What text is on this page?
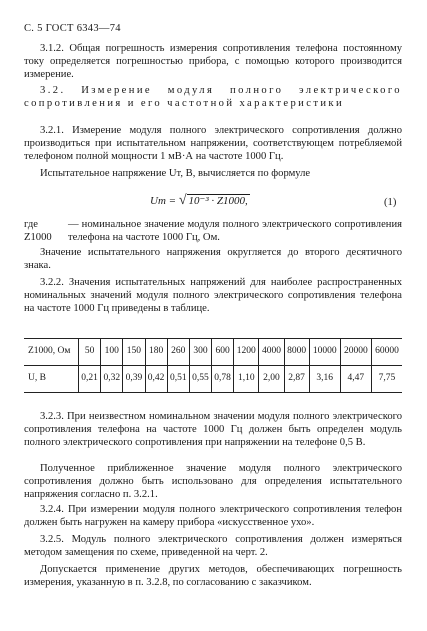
С. 5 ГОСТ 6343—74
3.1.2. Общая погрешность измерения сопротивления телефона постоянному току определяется погрешностью прибора, с помощью которого производится измерение.
3.2. Измерение модуля полного электрического сопротивления и его частотной характеристики
3.2.1. Измерение модуля полного электрического сопротивления должно производиться при испытательном напряжении, соответствующем потребляемой телефоном полной мощности 1 мВ·А на частоте 1000 Гц.
Испытательное напряжение Uт, В, вычисляется по формуле
Uт = √ 10⁻³ · Z1000,	(1)
где Z1000
— номинальное значение модуля полного электрического сопротивления телефона на частоте 1000 Гц, Ом.
Значение испытательного напряжения округляется до второго десятичного знака.
3.2.2. Значения испытательных напряжений для наиболее распространенных номинальных значений модуля полного электрического сопротивления телефона на частоте 1000 Гц приведены в таблице.
Z1000, Ом	50	100	150	180	260	300	600	1200	4000	8000	10000	20000	60000
U, В	0,21	0,32	0,39	0,42	0,51	0,55	0,78	1,10	2,00	2,87	3,16	4,47	7,75
3.2.3. При неизвестном номинальном значении модуля полного электрического сопротивления телефона на частоте 1000 Гц должен быть определен модуль полного электрического сопротивления при напряжении на телефоне 0,5 В.
Полученное приближенное значение модуля полного электрического сопротивления должно быть использовано для определения испытательного напряжения согласно п. 3.2.1.
3.2.4. При измерении модуля полного электрического сопротивления телефон должен быть нагружен на камеру прибора «искусственное ухо».
3.2.5. Модуль полного электрического сопротивления должен измеряться методом замещения по схеме, приведенной на черт. 2.
Допускается применение других методов, обеспечивающих погрешность измерения, указанную в п. 3.2.8, по согласованию с заказчиком.
